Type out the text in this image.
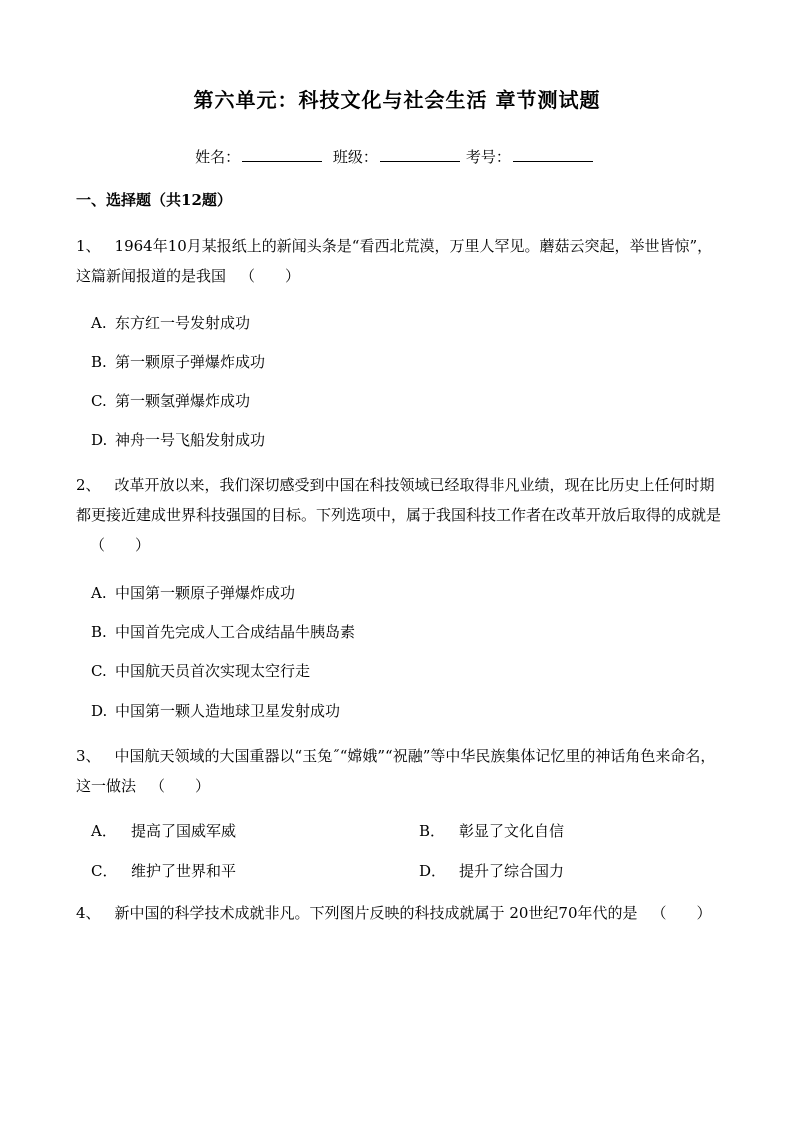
第六单元：科技文化与社会生活 章节测试题
姓名：	班级：	考号：
一、选择题（共12题）
1、 1964年10月某报纸上的新闻头条是“看西北荒漠，万里人罕见。蘑菇云突起，举世皆惊”，这篇新闻报道的是我国 （　　）
A. 东方红一号发射成功
B. 第一颗原子弹爆炸成功
C. 第一颗氢弹爆炸成功
D. 神舟一号飞船发射成功
2、 改革开放以来，我们深切感受到中国在科技领域已经取得非凡业绩，现在比历史上任何时期都更接近建成世界科技强国的目标。下列选项中，属于我国科技工作者在改革开放后取得的成就是（　　）
A. 中国第一颗原子弹爆炸成功
B. 中国首先完成人工合成结晶牛胰岛素
C. 中国航天员首次实现太空行走
D. 中国第一颗人造地球卫星发射成功
3、 中国航天领域的大国重器以“玉兔˝“嫦娥”“祝融”等中华民族集体记忆里的神话角色来命名，这一做法 （　　）
A． 提高了国威军威	B． 彰显了文化自信
C． 维护了世界和平	D． 提升了综合国力
4、 新中国的科学技术成就非凡。下列图片反映的科技成就属于 20世纪70年代的是 （　　）
